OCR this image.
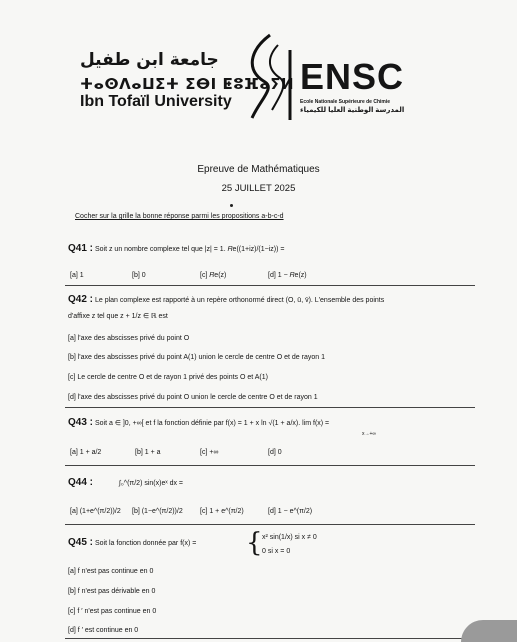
جامعة ابن طفيل
ⵜⴰⵙⴷⴰⵡⵉⵜ ⵉⴱⵏ ⵟⵓⴼⴰⵢⵍ
Ibn Tofaïl University
ENSC
Ecole Nationale Supérieure de Chimie
المدرسة الوطنية العليا للكيمياء
Epreuve de Mathématiques
25 JUILLET 2025
Cocher sur la grille la bonne réponse parmi les propositions a-b-c-d
Q41 : Soit z un nombre complexe tel que |z| = 1. 𝑅e((1+iz)/(1−iz)) =
[a] 1	[b] 0	[c] 𝑅e(z)	[d] 1 − 𝑅e(z)
Q42 : Le plan complexe est rapporté à un repère orthonormé direct (O, ū, v̄). L'ensemble des points
d'affixe z tel que z + 1/z ∈ ℝ est
[a] l'axe des abscisses privé du point O
[b] l'axe des abscisses privé du point A(1) union le cercle de centre O et de rayon 1
[c] Le cercle de centre O et de rayon 1 privé des points O et A(1)
[d] l'axe des abscisses privé du point O union le cercle de centre O et de rayon 1
Q43 : Soit a ∈ ]0, +∞[ et f la fonction définie par f(x) = 1 + x ln √(1 + a/x). lim f(x) =
x→+∞
[a] 1 + a/2	[b] 1 + a	[c] +∞	[d] 0
Q44 :	∫₀^(π/2) sin(x)eˣ dx =
[a] (1+e^(π/2))/2 [b] (1−e^(π/2))/2 [c] 1 + e^(π/2)	[d] 1 − e^(π/2)
Q45 : Soit la fonction donnée par f(x) = { x² sin(1/x) si x ≠ 0
0 si x = 0
[a] f n'est pas continue en 0
[b] f n'est pas dérivable en 0
[c] f ′ n'est pas continue en 0
[d] f ′ est continue en 0
